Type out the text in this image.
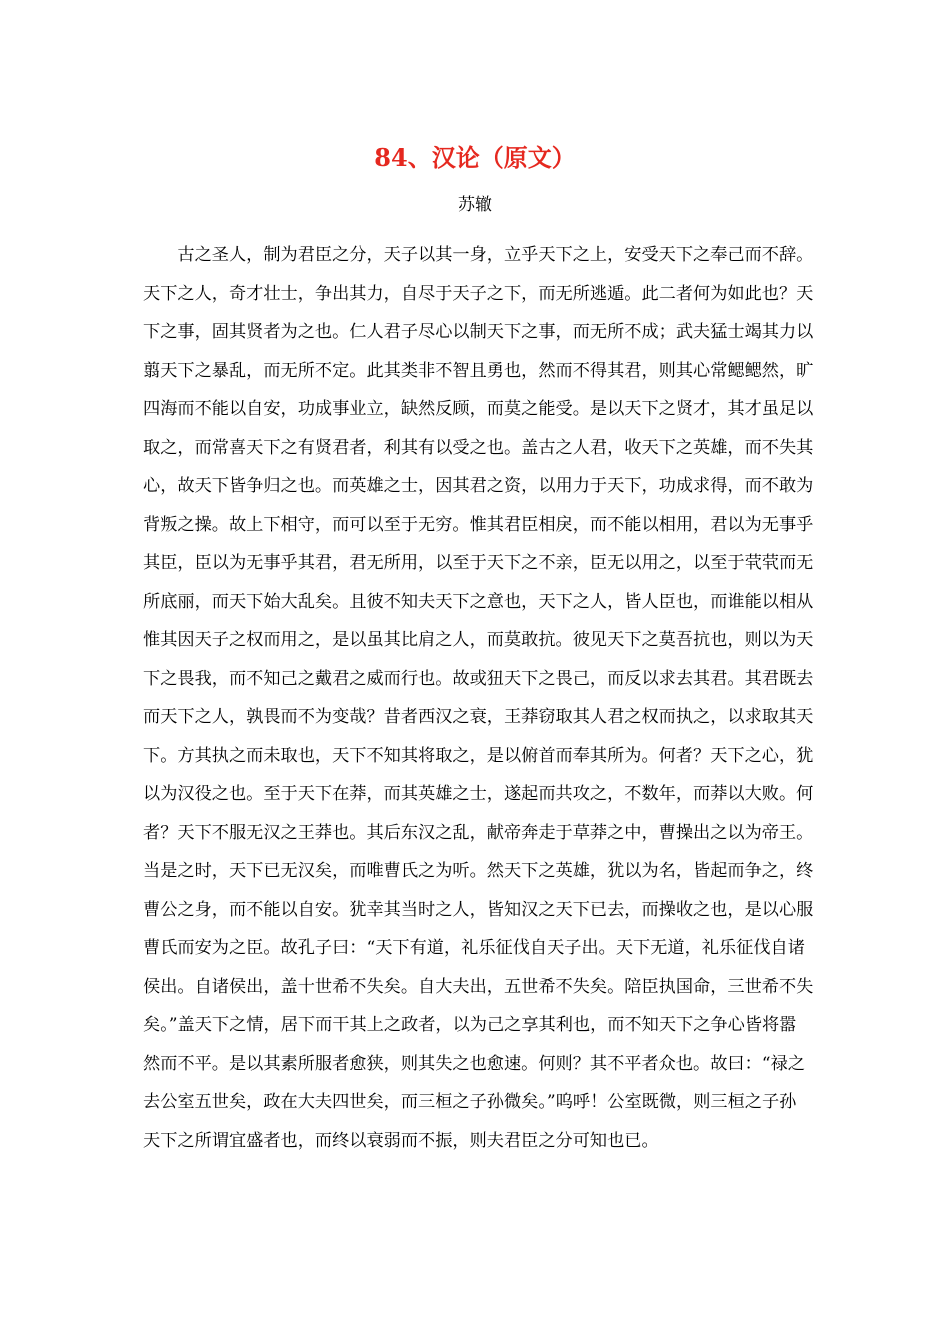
84、汉论（原文）
苏辙
　　古之圣人，制为君臣之分，天子以其一身，立乎天下之上，安受天下之奉己而不辞。
天下之人，奇才壮士，争出其力，自尽于天子之下，而无所逃遁。此二者何为如此也？天
下之事，固其贤者为之也。仁人君子尽心以制天下之事，而无所不成；武夫猛士竭其力以
翦天下之暴乱，而无所不定。此其类非不智且勇也，然而不得其君，则其心常鳃鳃然，旷
四海而不能以自安，功成事业立，缺然反顾，而莫之能受。是以天下之贤才，其才虽足以
取之，而常喜天下之有贤君者，利其有以受之也。盖古之人君，收天下之英雄，而不失其
心，故天下皆争归之也。而英雄之士，因其君之资，以用力于天下，功成求得，而不敢为
背叛之操。故上下相守，而可以至于无穷。惟其君臣相戾，而不能以相用，君以为无事乎
其臣，臣以为无事乎其君，君无所用，以至于天下之不亲，臣无以用之，以至于茕茕而无
所底丽，而天下始大乱矣。且彼不知夫天下之意也，天下之人，皆人臣也，而谁能以相从
惟其因天子之权而用之，是以虽其比肩之人，而莫敢抗。彼见天下之莫吾抗也，则以为天
下之畏我，而不知己之戴君之威而行也。故或狃天下之畏己，而反以求去其君。其君既去
而天下之人，孰畏而不为变哉？昔者西汉之衰，王莽窃取其人君之权而执之，以求取其天
下。方其执之而未取也，天下不知其将取之，是以俯首而奉其所为。何者？天下之心，犹
以为汉役之也。至于天下在莽，而其英雄之士，遂起而共攻之，不数年，而莽以大败。何
者？天下不服无汉之王莽也。其后东汉之乱，献帝奔走于草莽之中，曹操出之以为帝王。
当是之时，天下已无汉矣，而唯曹氏之为听。然天下之英雄，犹以为名，皆起而争之，终
曹公之身，而不能以自安。犹幸其当时之人，皆知汉之天下已去，而操收之也，是以心服
曹氏而安为之臣。故孔子曰：“天下有道，礼乐征伐自天子出。天下无道，礼乐征伐自诸
侯出。自诸侯出，盖十世希不失矣。自大夫出，五世希不失矣。陪臣执国命，三世希不失
矣。”盖天下之情，居下而干其上之政者，以为己之享其利也，而不知天下之争心皆将嚣
然而不平。是以其素所服者愈狭，则其失之也愈速。何则？其不平者众也。故曰：“禄之
去公室五世矣，政在大夫四世矣，而三桓之子孙微矣。”呜呼！公室既微，则三桓之子孙
天下之所谓宜盛者也，而终以衰弱而不振，则夫君臣之分可知也已。
